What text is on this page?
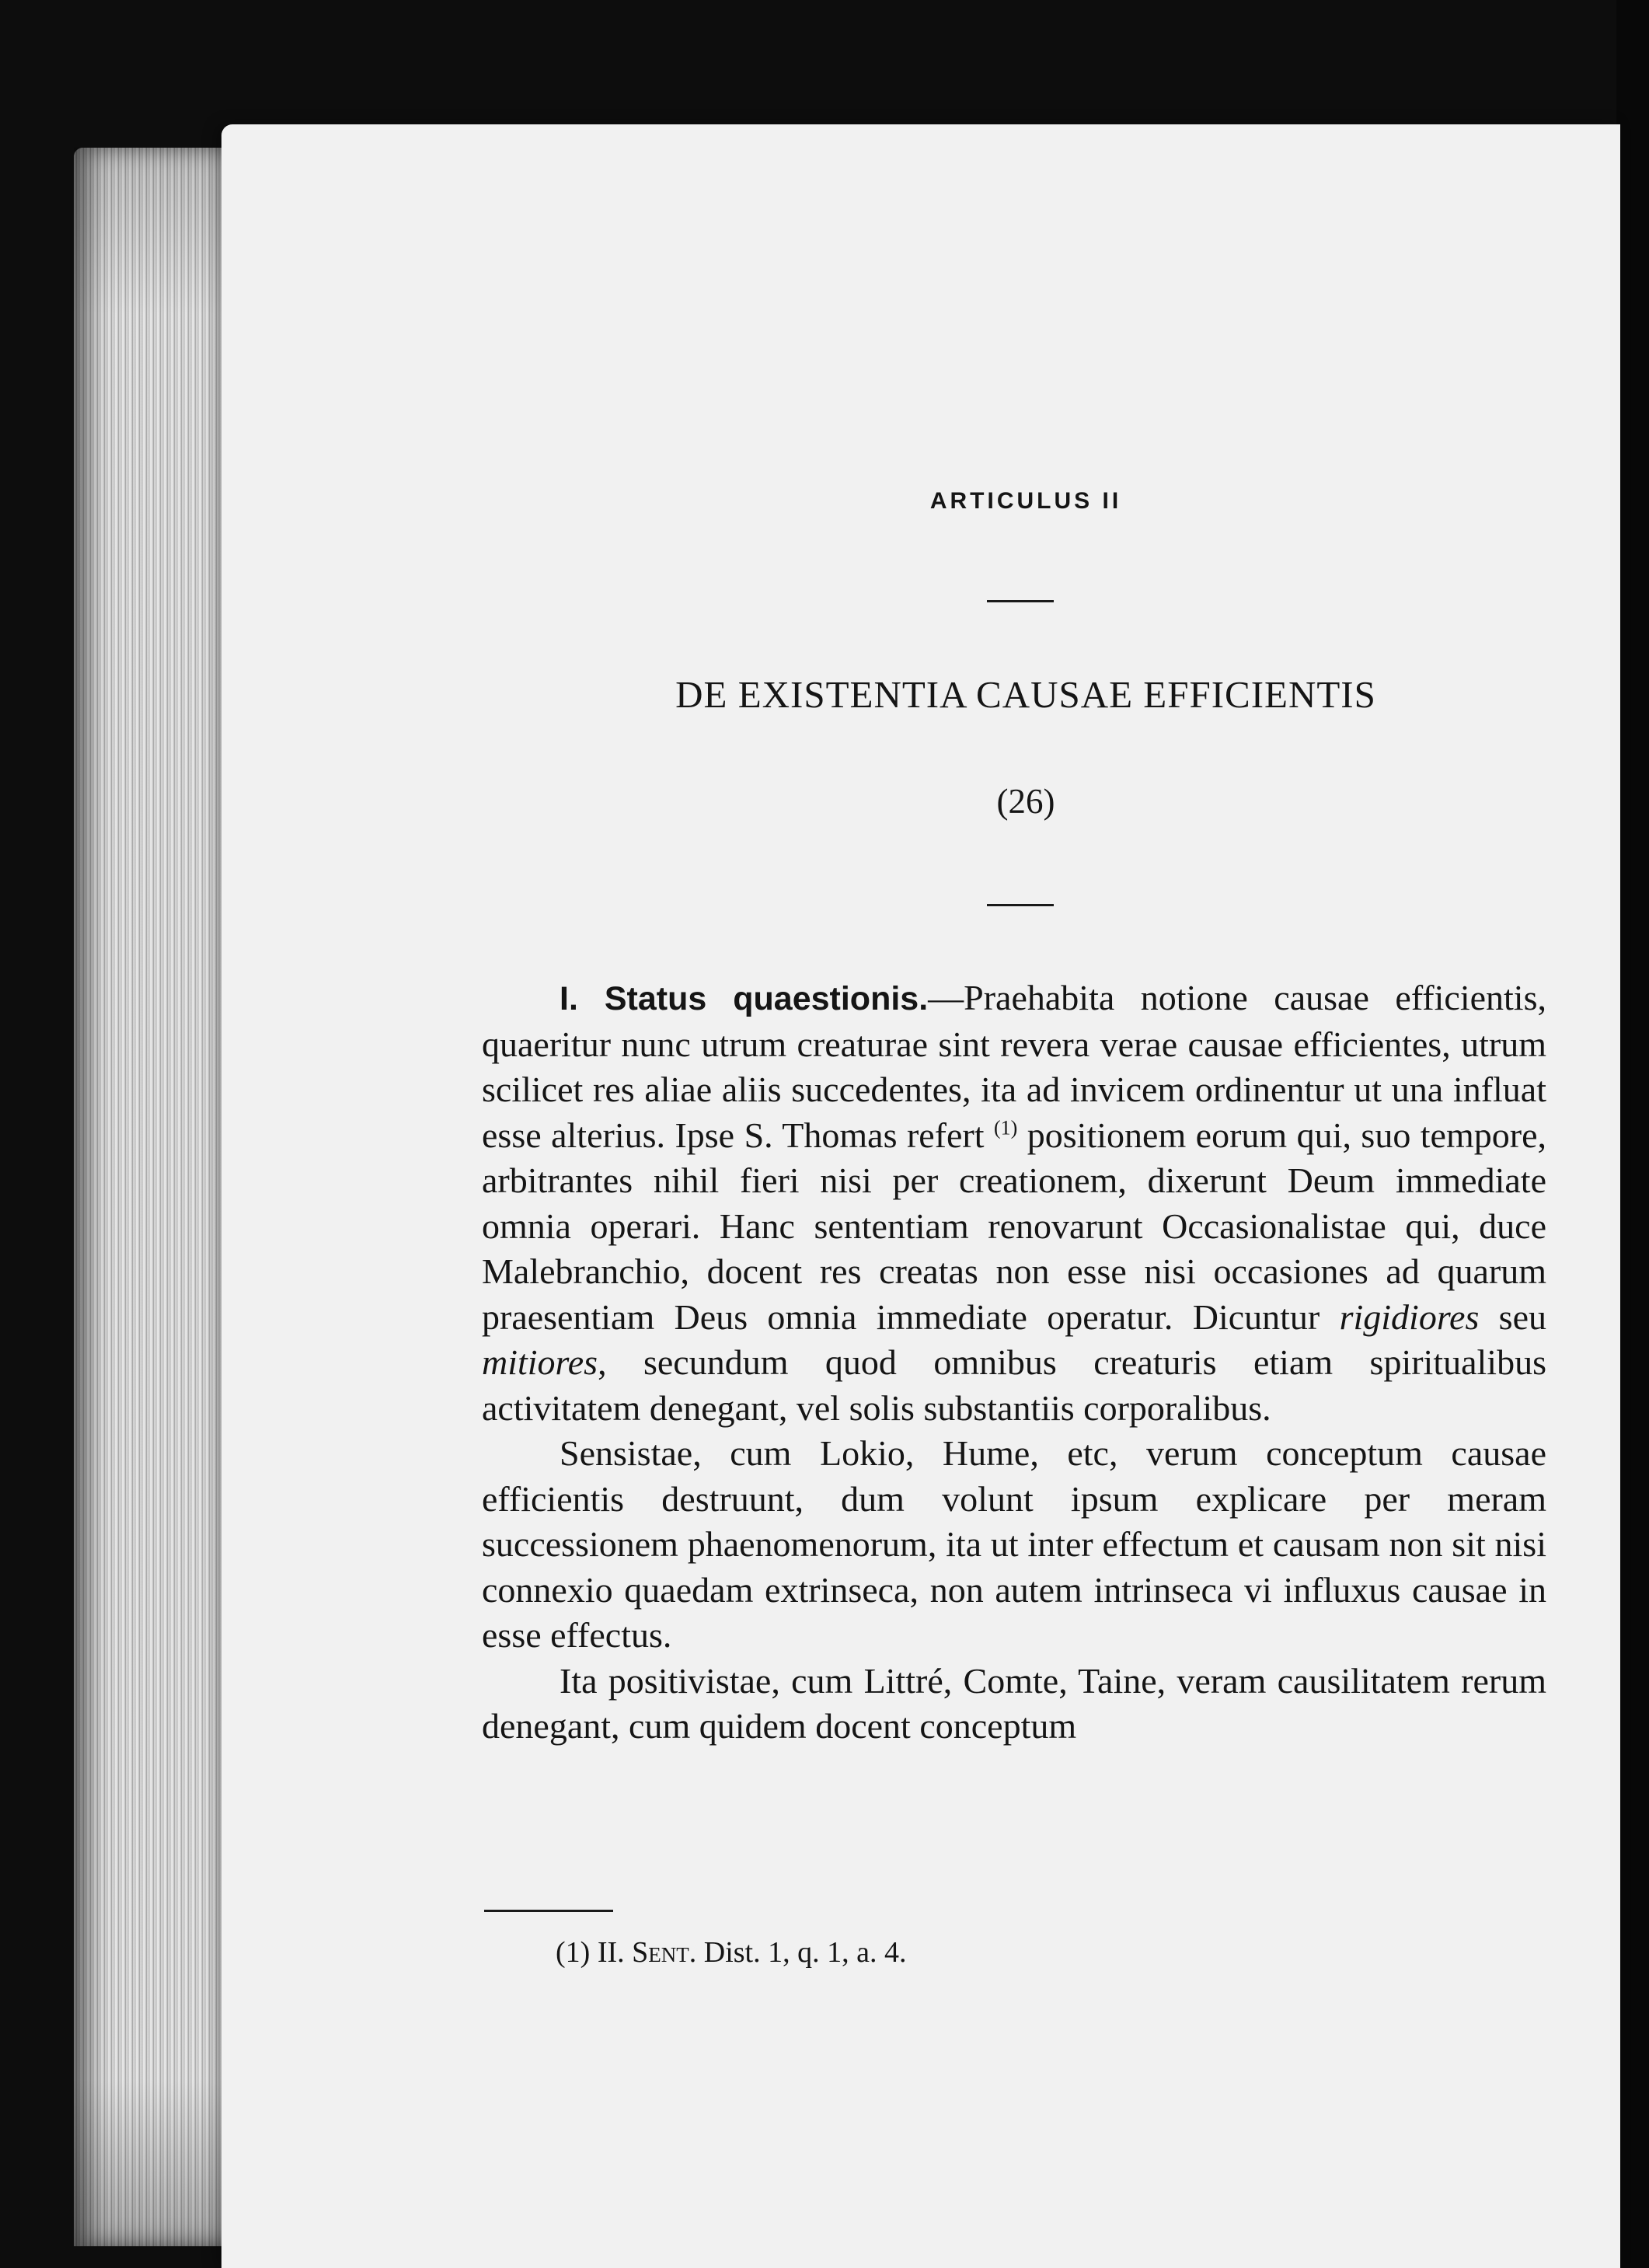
ARTICULUS II
DE EXISTENTIA CAUSAE EFFICIENTIS
(26)

I. Status quaestionis.—Praehabita notione causae efficientis, quaeritur nunc utrum creaturae sint revera verae causae efficientes, utrum scilicet res aliae aliis succedentes, ita ad invicem ordinentur ut una influat esse alterius. Ipse S. Thomas refert $^{(1)}$ positionem eorum qui, suo tempore, arbitrantes nihil fieri nisi per creationem, dixerunt Deum immediate omnia operari. Hanc sententiam renovarunt Occasionalistae qui, duce Malebranchio, docent res creatas non esse nisi occasiones ad quarum praesentiam Deus omnia immediate operatur. Dicuntur rigidiores seu mitiores, secundum quod omnibus creaturis etiam spiritualibus activitatem denegant, vel solis substantiis corporalibus.

Sensistae, cum Lokio, Hume, etc, verum conceptum causae efficientis destruunt, dum volunt ipsum explicare per meram successionem phaenomenorum, ita ut inter effectum et causam non sit nisi connexio quaedam extrinseca, non autem intrinseca vi influxus causae in esse effectus.

Ita positivistae, cum Littré, Comte, Taine, veram causilitatem rerum denegant, cum quidem docent conceptum

(1) II. Sent. Dist. 1, q. 1, a. 4.
